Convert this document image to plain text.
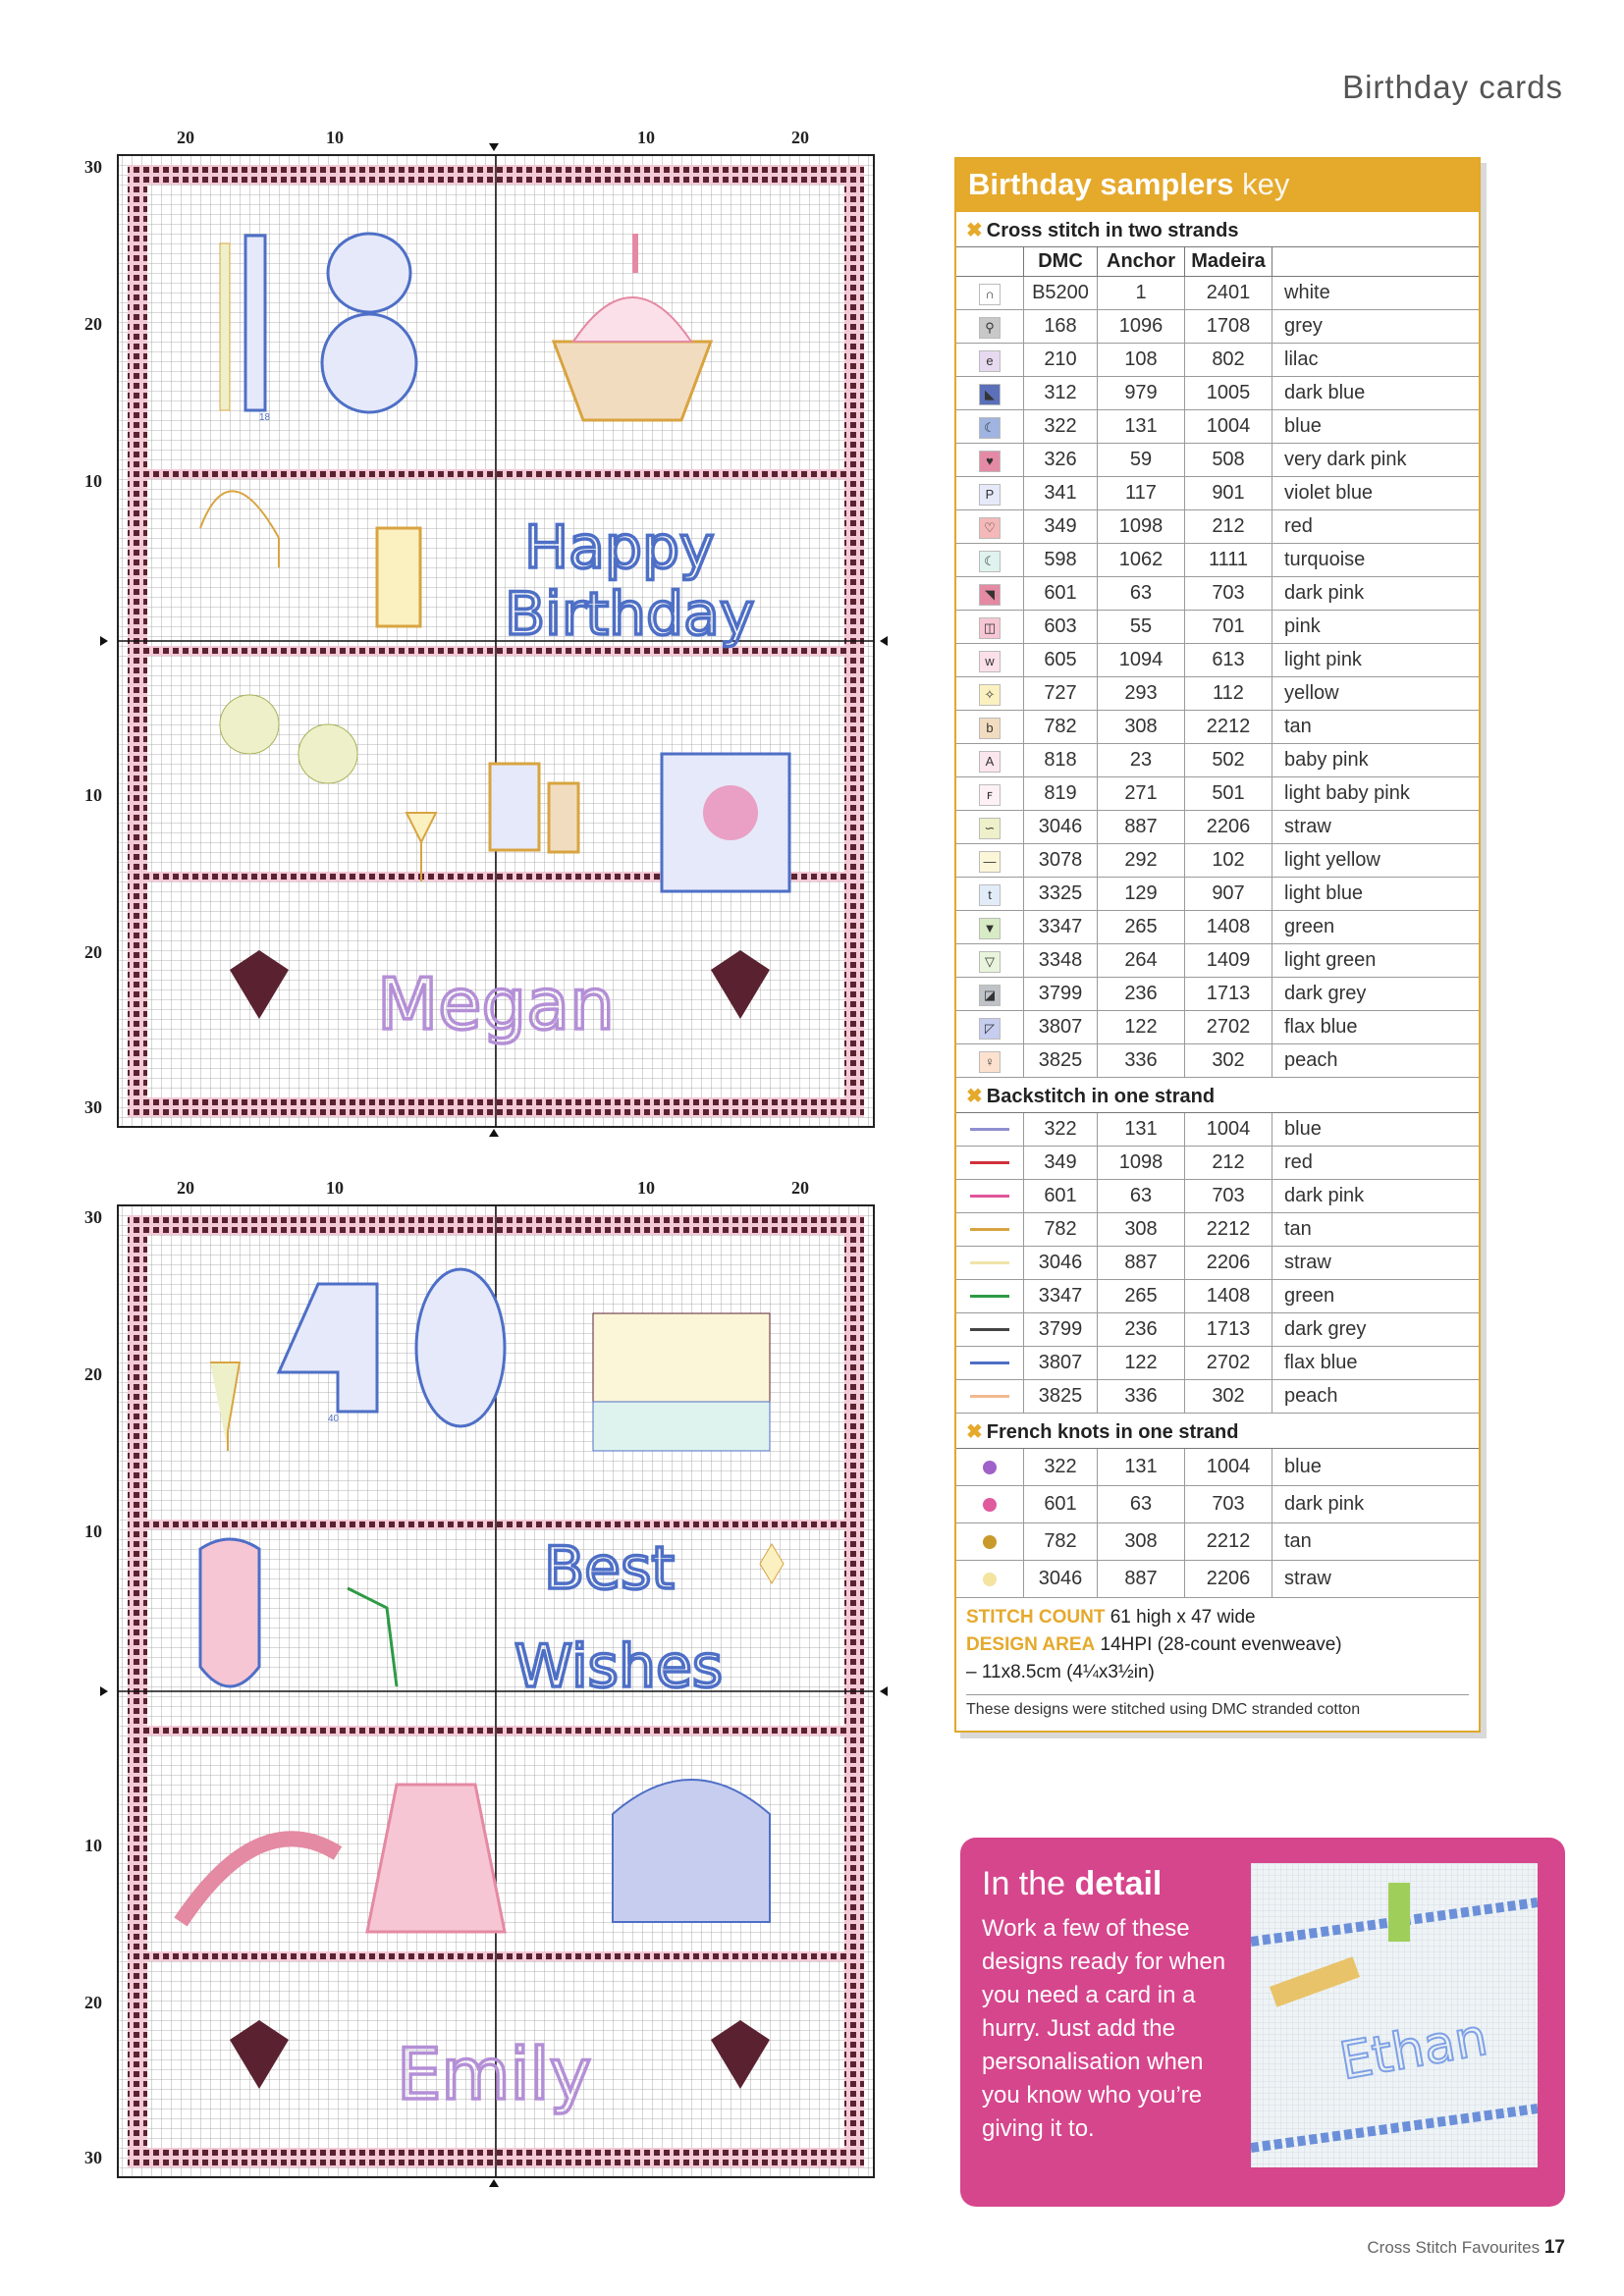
Birthday cards
20	10	10	20
30
20
10
10
20
30
18
Happy
Birthday
Megan
20	10	10	20
30
20
10
10
20
30
40
Best
Wishes
Emily
Birthday samplers key
✖ Cross stitch in two strands
	DMC	Anchor	Madeira	
∩	B5200	1	2401	white
⚲	168	1096	1708	grey
e	210	108	802	lilac
◣	312	979	1005	dark blue
☾	322	131	1004	blue
♥	326	59	508	very dark pink
P	341	117	901	violet blue
♡	349	1098	212	red
☾	598	1062	1111	turquoise
◥	601	63	703	dark pink
◫	603	55	701	pink
w	605	1094	613	light pink
✧	727	293	112	yellow
b	782	308	2212	tan
A	818	23	502	baby pink
ꜰ	819	271	501	light baby pink
∽	3046	887	2206	straw
—	3078	292	102	light yellow
t	3325	129	907	light blue
▼	3347	265	1408	green
▽	3348	264	1409	light green
◪	3799	236	1713	dark grey
◸	3807	122	2702	flax blue
♀	3825	336	302	peach
✖ Backstitch in one strand
	322	131	1004	blue
	349	1098	212	red
	601	63	703	dark pink
	782	308	2212	tan
	3046	887	2206	straw
	3347	265	1408	green
	3799	236	1713	dark grey
	3807	122	2702	flax blue
	3825	336	302	peach
✖ French knots in one strand
	322	131	1004	blue
	601	63	703	dark pink
	782	308	2212	tan
	3046	887	2206	straw
STITCH COUNT 61 high x 47 wide
DESIGN AREA 14HPI (28-count evenweave)
– 11x8.5cm (4¼x3½in)
These designs were stitched using DMC stranded cotton
In the detail
Work a few of these designs ready for when you need a card in a hurry. Just add the personalisation when you know who you’re giving it to.
Ethan
Cross Stitch Favourites 17
